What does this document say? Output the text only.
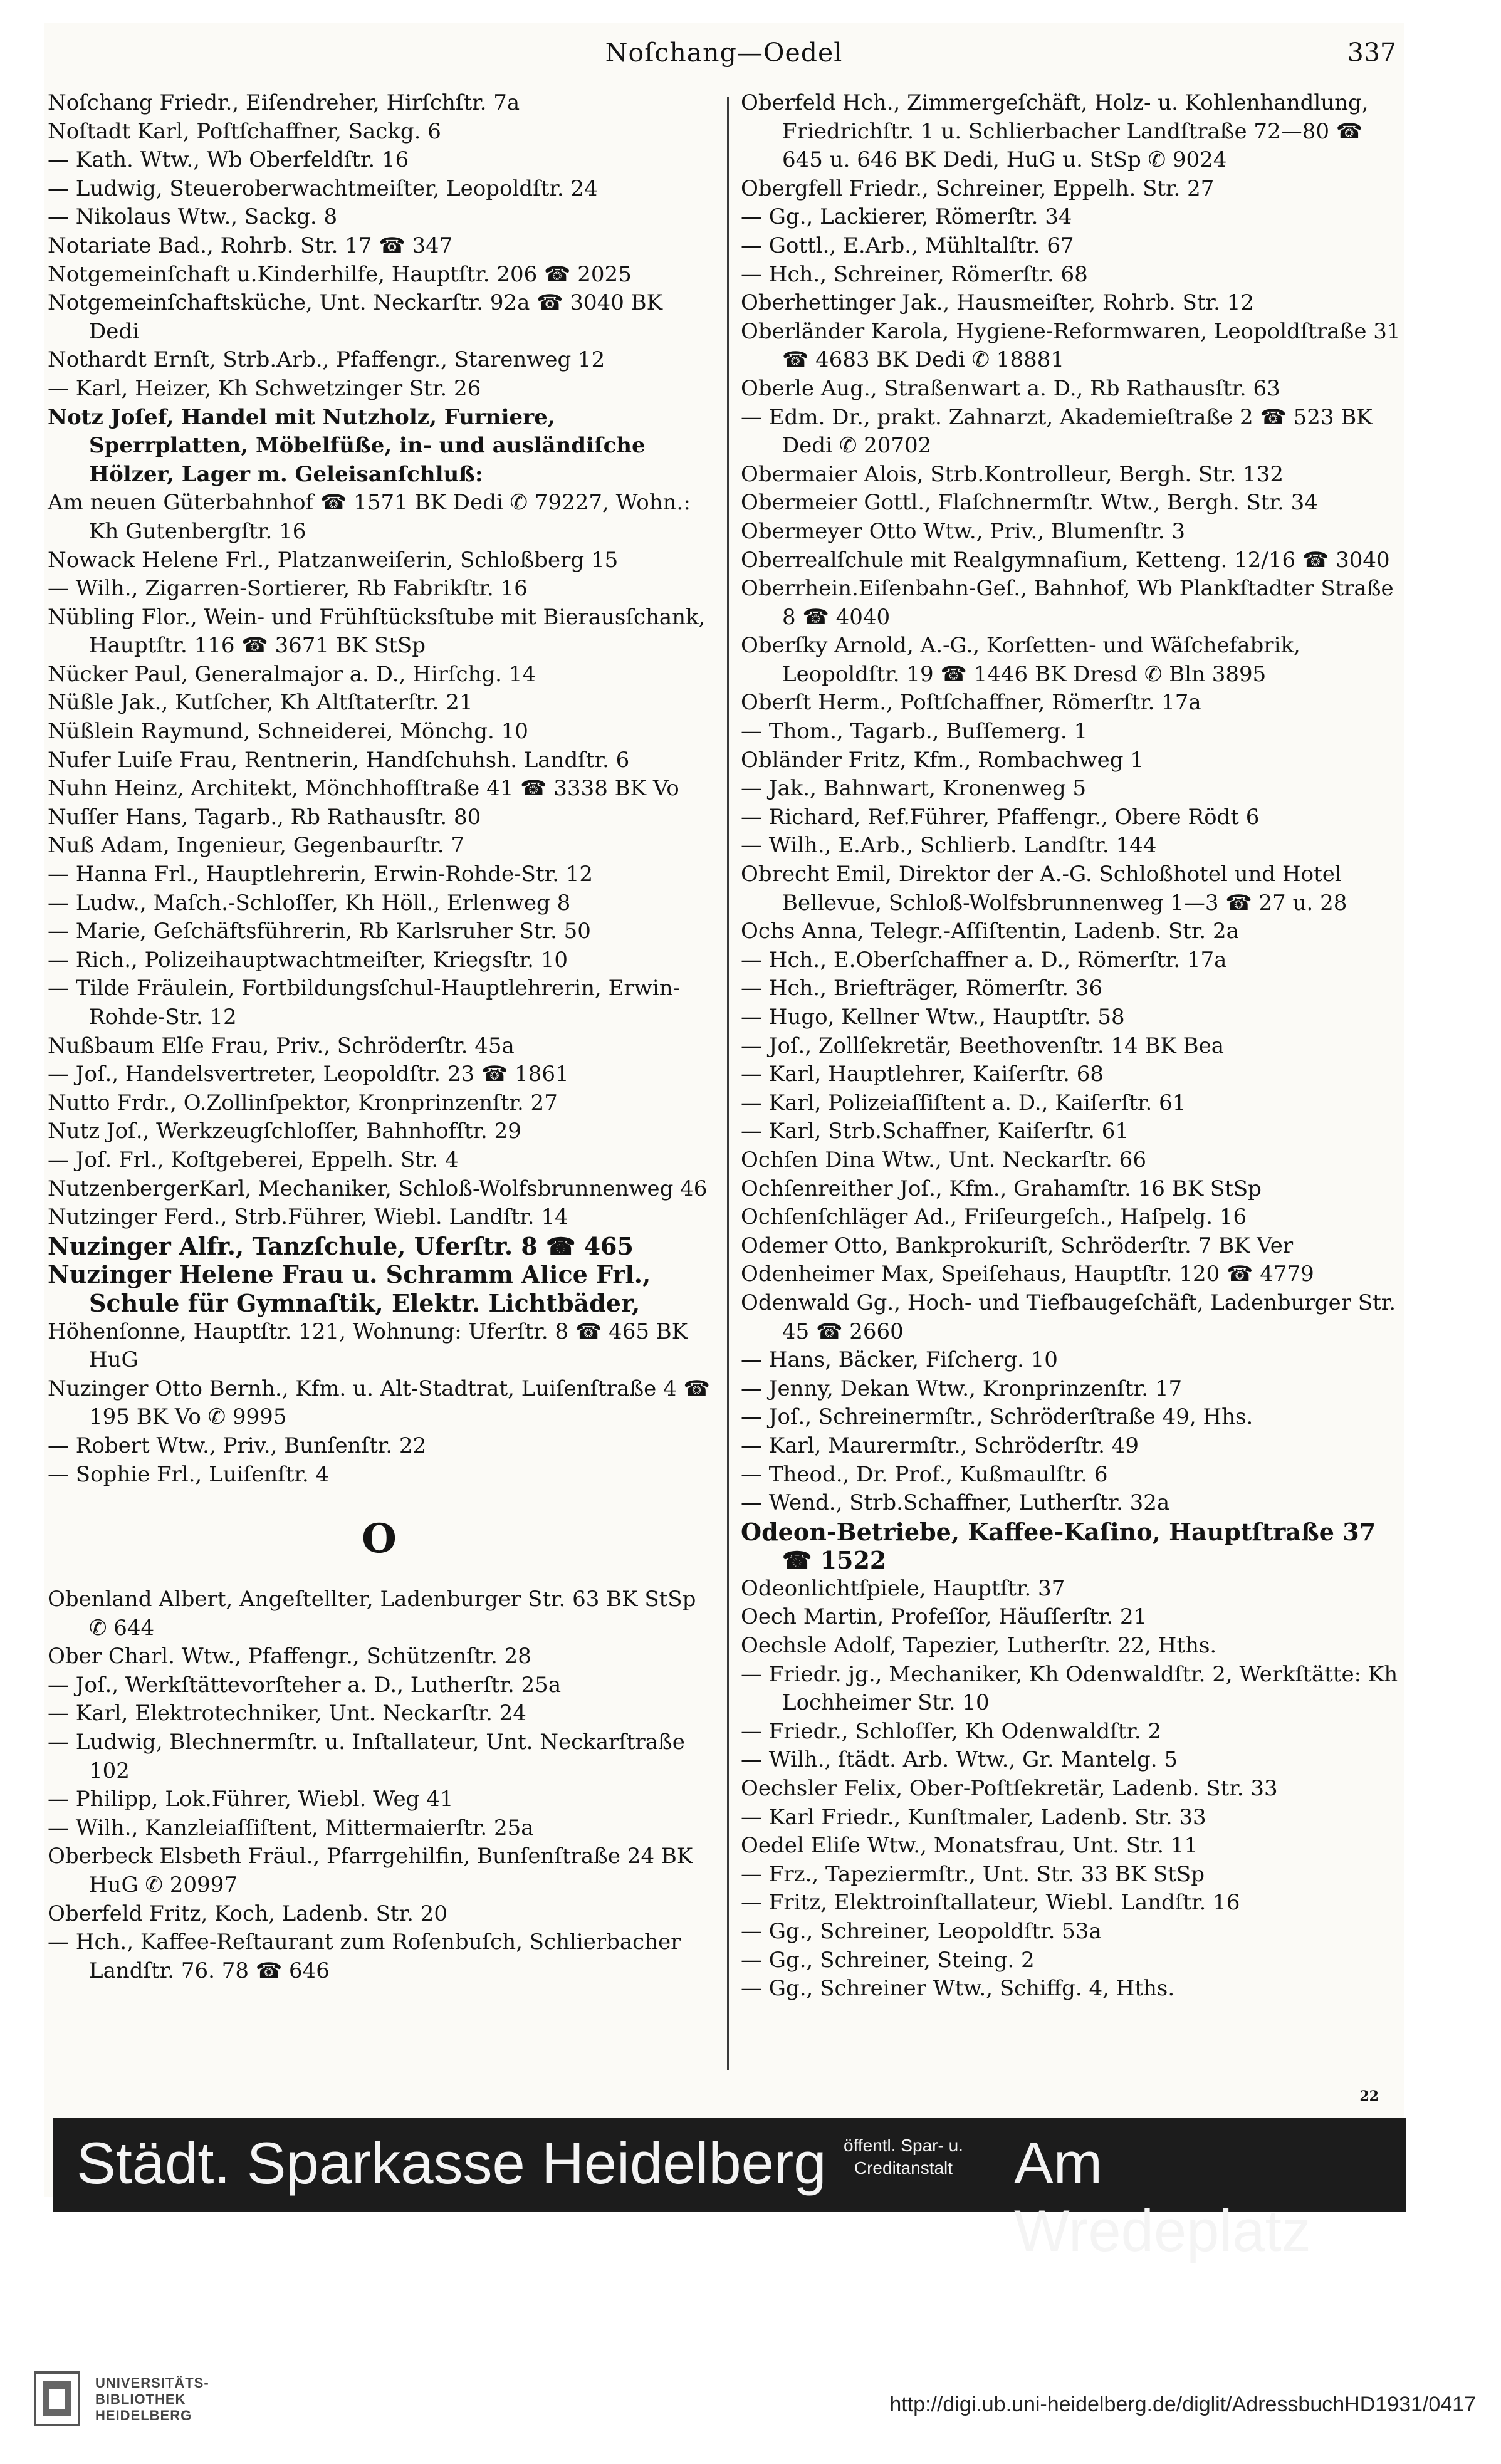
Noſchang—Oedel	337
Noſchang Friedr., Eiſendreher, Hirſchſtr. 7a
Noſtadt Karl, Poſtſchaffner, Sackg. 6
— Kath. Wtw., Wb Oberfeldſtr. 16
— Ludwig, Steueroberwachtmeiſter, Leopoldſtr. 24
— Nikolaus Wtw., Sackg. 8
Notariate Bad., Rohrb. Str. 17 ☎ 347
Notgemeinſchaft u.Kinderhilfe, Hauptſtr. 206 ☎ 2025
Notgemeinſchaftsküche, Unt. Neckarſtr. 92a ☎ 3040 BK Dedi
Nothardt Ernſt, Strb.Arb., Pfaffengr., Starenweg 12
— Karl, Heizer, Kh Schwetzinger Str. 26
Notz Joſef, Handel mit Nutzholz, Furniere, Sperrplatten, Möbelfüße, in- und ausländiſche Hölzer, Lager m. Geleisanſchluß:
Am neuen Güterbahnhof ☎ 1571 BK Dedi ✆ 79227, Wohn.: Kh Gutenbergſtr. 16
Nowack Helene Frl., Platzanweiſerin, Schloßberg 15
— Wilh., Zigarren-Sortierer, Rb Fabrikſtr. 16
Nübling Flor., Wein- und Frühſtücksſtube mit Bierausſchank, Hauptſtr. 116 ☎ 3671 BK StSp
Nücker Paul, Generalmajor a. D., Hirſchg. 14
Nüßle Jak., Kutſcher, Kh Altſtaterſtr. 21
Nüßlein Raymund, Schneiderei, Mönchg. 10
Nufer Luiſe Frau, Rentnerin, Handſchuhsh. Landſtr. 6
Nuhn Heinz, Architekt, Mönchhofſtraße 41 ☎ 3338 BK Vo
Nuſſer Hans, Tagarb., Rb Rathausſtr. 80
Nuß Adam, Ingenieur, Gegenbaurſtr. 7
— Hanna Frl., Hauptlehrerin, Erwin-Rohde-Str. 12
— Ludw., Maſch.-Schloſſer, Kh Höll., Erlenweg 8
— Marie, Geſchäftsführerin, Rb Karlsruher Str. 50
— Rich., Polizeihauptwachtmeiſter, Kriegsſtr. 10
— Tilde Fräulein, Fortbildungsſchul-Hauptlehrerin, Erwin-Rohde-Str. 12
Nußbaum Elſe Frau, Priv., Schröderſtr. 45a
— Joſ., Handelsvertreter, Leopoldſtr. 23 ☎ 1861
Nutto Frdr., O.Zollinſpektor, Kronprinzenſtr. 27
Nutz Joſ., Werkzeugſchloſſer, Bahnhofſtr. 29
— Joſ. Frl., Koſtgeberei, Eppelh. Str. 4
NutzenbergerKarl, Mechaniker, Schloß-Wolfsbrunnenweg 46
Nutzinger Ferd., Strb.Führer, Wiebl. Landſtr. 14
Nuzinger Alfr., Tanzſchule, Uferſtr. 8 ☎ 465
Nuzinger Helene Frau u. Schramm Alice Frl., Schule für Gymnaſtik, Elektr. Lichtbäder,
Höhenſonne, Hauptſtr. 121, Wohnung: Uferſtr. 8 ☎ 465 BK HuG
Nuzinger Otto Bernh., Kfm. u. Alt-Stadtrat, Luiſenſtraße 4 ☎ 195 BK Vo ✆ 9995
— Robert Wtw., Priv., Bunſenſtr. 22
— Sophie Frl., Luiſenſtr. 4
O
Obenland Albert, Angeſtellter, Ladenburger Str. 63 BK StSp ✆ 644
Ober Charl. Wtw., Pfaffengr., Schützenſtr. 28
— Joſ., Werkſtättevorſteher a. D., Lutherſtr. 25a
— Karl, Elektrotechniker, Unt. Neckarſtr. 24
— Ludwig, Blechnermſtr. u. Inſtallateur, Unt. Neckarſtraße 102
— Philipp, Lok.Führer, Wiebl. Weg 41
— Wilh., Kanzleiaſſiſtent, Mittermaierſtr. 25a
Oberbeck Elsbeth Fräul., Pfarrgehilfin, Bunſenſtraße 24 BK HuG ✆ 20997
Oberfeld Fritz, Koch, Ladenb. Str. 20
— Hch., Kaffee-Reſtaurant zum Roſenbuſch, Schlierbacher Landſtr. 76. 78 ☎ 646
Oberfeld Hch., Zimmergeſchäft, Holz- u. Kohlenhandlung, Friedrichſtr. 1 u. Schlierbacher Landſtraße 72—80 ☎ 645 u. 646 BK Dedi, HuG u. StSp ✆ 9024
Obergfell Friedr., Schreiner, Eppelh. Str. 27
— Gg., Lackierer, Römerſtr. 34
— Gottl., E.Arb., Mühltalſtr. 67
— Hch., Schreiner, Römerſtr. 68
Oberhettinger Jak., Hausmeiſter, Rohrb. Str. 12
Oberländer Karola, Hygiene-Reformwaren, Leopoldſtraße 31 ☎ 4683 BK Dedi ✆ 18881
Oberle Aug., Straßenwart a. D., Rb Rathausſtr. 63
— Edm. Dr., prakt. Zahnarzt, Akademieſtraße 2 ☎ 523 BK Dedi ✆ 20702
Obermaier Alois, Strb.Kontrolleur, Bergh. Str. 132
Obermeier Gottl., Flaſchnermſtr. Wtw., Bergh. Str. 34
Obermeyer Otto Wtw., Priv., Blumenſtr. 3
Oberrealſchule mit Realgymnaſium, Ketteng. 12/16 ☎ 3040
Oberrhein.Eiſenbahn-Geſ., Bahnhof, Wb Plankſtadter Straße 8 ☎ 4040
Oberſky Arnold, A.-G., Korſetten- und Wäſchefabrik, Leopoldſtr. 19 ☎ 1446 BK Dresd ✆ Bln 3895
Oberſt Herm., Poſtſchaffner, Römerſtr. 17a
— Thom., Tagarb., Buſſemerg. 1
Obländer Fritz, Kfm., Rombachweg 1
— Jak., Bahnwart, Kronenweg 5
— Richard, Ref.Führer, Pfaffengr., Obere Rödt 6
— Wilh., E.Arb., Schlierb. Landſtr. 144
Obrecht Emil, Direktor der A.-G. Schloßhotel und Hotel Bellevue, Schloß-Wolfsbrunnenweg 1—3 ☎ 27 u. 28
Ochs Anna, Telegr.-Aſſiſtentin, Ladenb. Str. 2a
— Hch., E.Oberſchaffner a. D., Römerſtr. 17a
— Hch., Briefträger, Römerſtr. 36
— Hugo, Kellner Wtw., Hauptſtr. 58
— Joſ., Zollſekretär, Beethovenſtr. 14 BK Bea
— Karl, Hauptlehrer, Kaiſerſtr. 68
— Karl, Polizeiaſſiſtent a. D., Kaiſerſtr. 61
— Karl, Strb.Schaffner, Kaiſerſtr. 61
Ochſen Dina Wtw., Unt. Neckarſtr. 66
Ochſenreither Joſ., Kfm., Grahamſtr. 16 BK StSp
Ochſenſchläger Ad., Friſeurgeſch., Haſpelg. 16
Odemer Otto, Bankprokuriſt, Schröderſtr. 7 BK Ver
Odenheimer Max, Speiſehaus, Hauptſtr. 120 ☎ 4779
Odenwald Gg., Hoch- und Tiefbaugeſchäft, Ladenburger Str. 45 ☎ 2660
— Hans, Bäcker, Fiſcherg. 10
— Jenny, Dekan Wtw., Kronprinzenſtr. 17
— Joſ., Schreinermſtr., Schröderſtraße 49, Hhs.
— Karl, Maurermſtr., Schröderſtr. 49
— Theod., Dr. Prof., Kußmaulſtr. 6
— Wend., Strb.Schaffner, Lutherſtr. 32a
Odeon-Betriebe, Kaffee-Kaſino, Hauptſtraße 37 ☎ 1522
Odeonlichtſpiele, Hauptſtr. 37
Oech Martin, Profeſſor, Häuſſerſtr. 21
Oechsle Adolf, Tapezier, Lutherſtr. 22, Hths.
— Friedr. jg., Mechaniker, Kh Odenwaldſtr. 2, Werkſtätte: Kh Lochheimer Str. 10
— Friedr., Schloſſer, Kh Odenwaldſtr. 2
— Wilh., ſtädt. Arb. Wtw., Gr. Mantelg. 5
Oechsler Felix, Ober-Poſtſekretär, Ladenb. Str. 33
— Karl Friedr., Kunſtmaler, Ladenb. Str. 33
Oedel Eliſe Wtw., Monatsfrau, Unt. Str. 11
— Frz., Tapeziermſtr., Unt. Str. 33 BK StSp
— Fritz, Elektroinſtallateur, Wiebl. Landſtr. 16
— Gg., Schreiner, Leopoldſtr. 53a
— Gg., Schreiner, Steing. 2
— Gg., Schreiner Wtw., Schiffg. 4, Hths.
22
Städt. Sparkasse Heidelberg öffentl. Spar- u.
Creditanstalt Am Wredeplatz
UNIVERSITÄTS-
BIBLIOTHEK
HEIDELBERG	http://digi.ub.uni-heidelberg.de/diglit/AdressbuchHD1931/0417
